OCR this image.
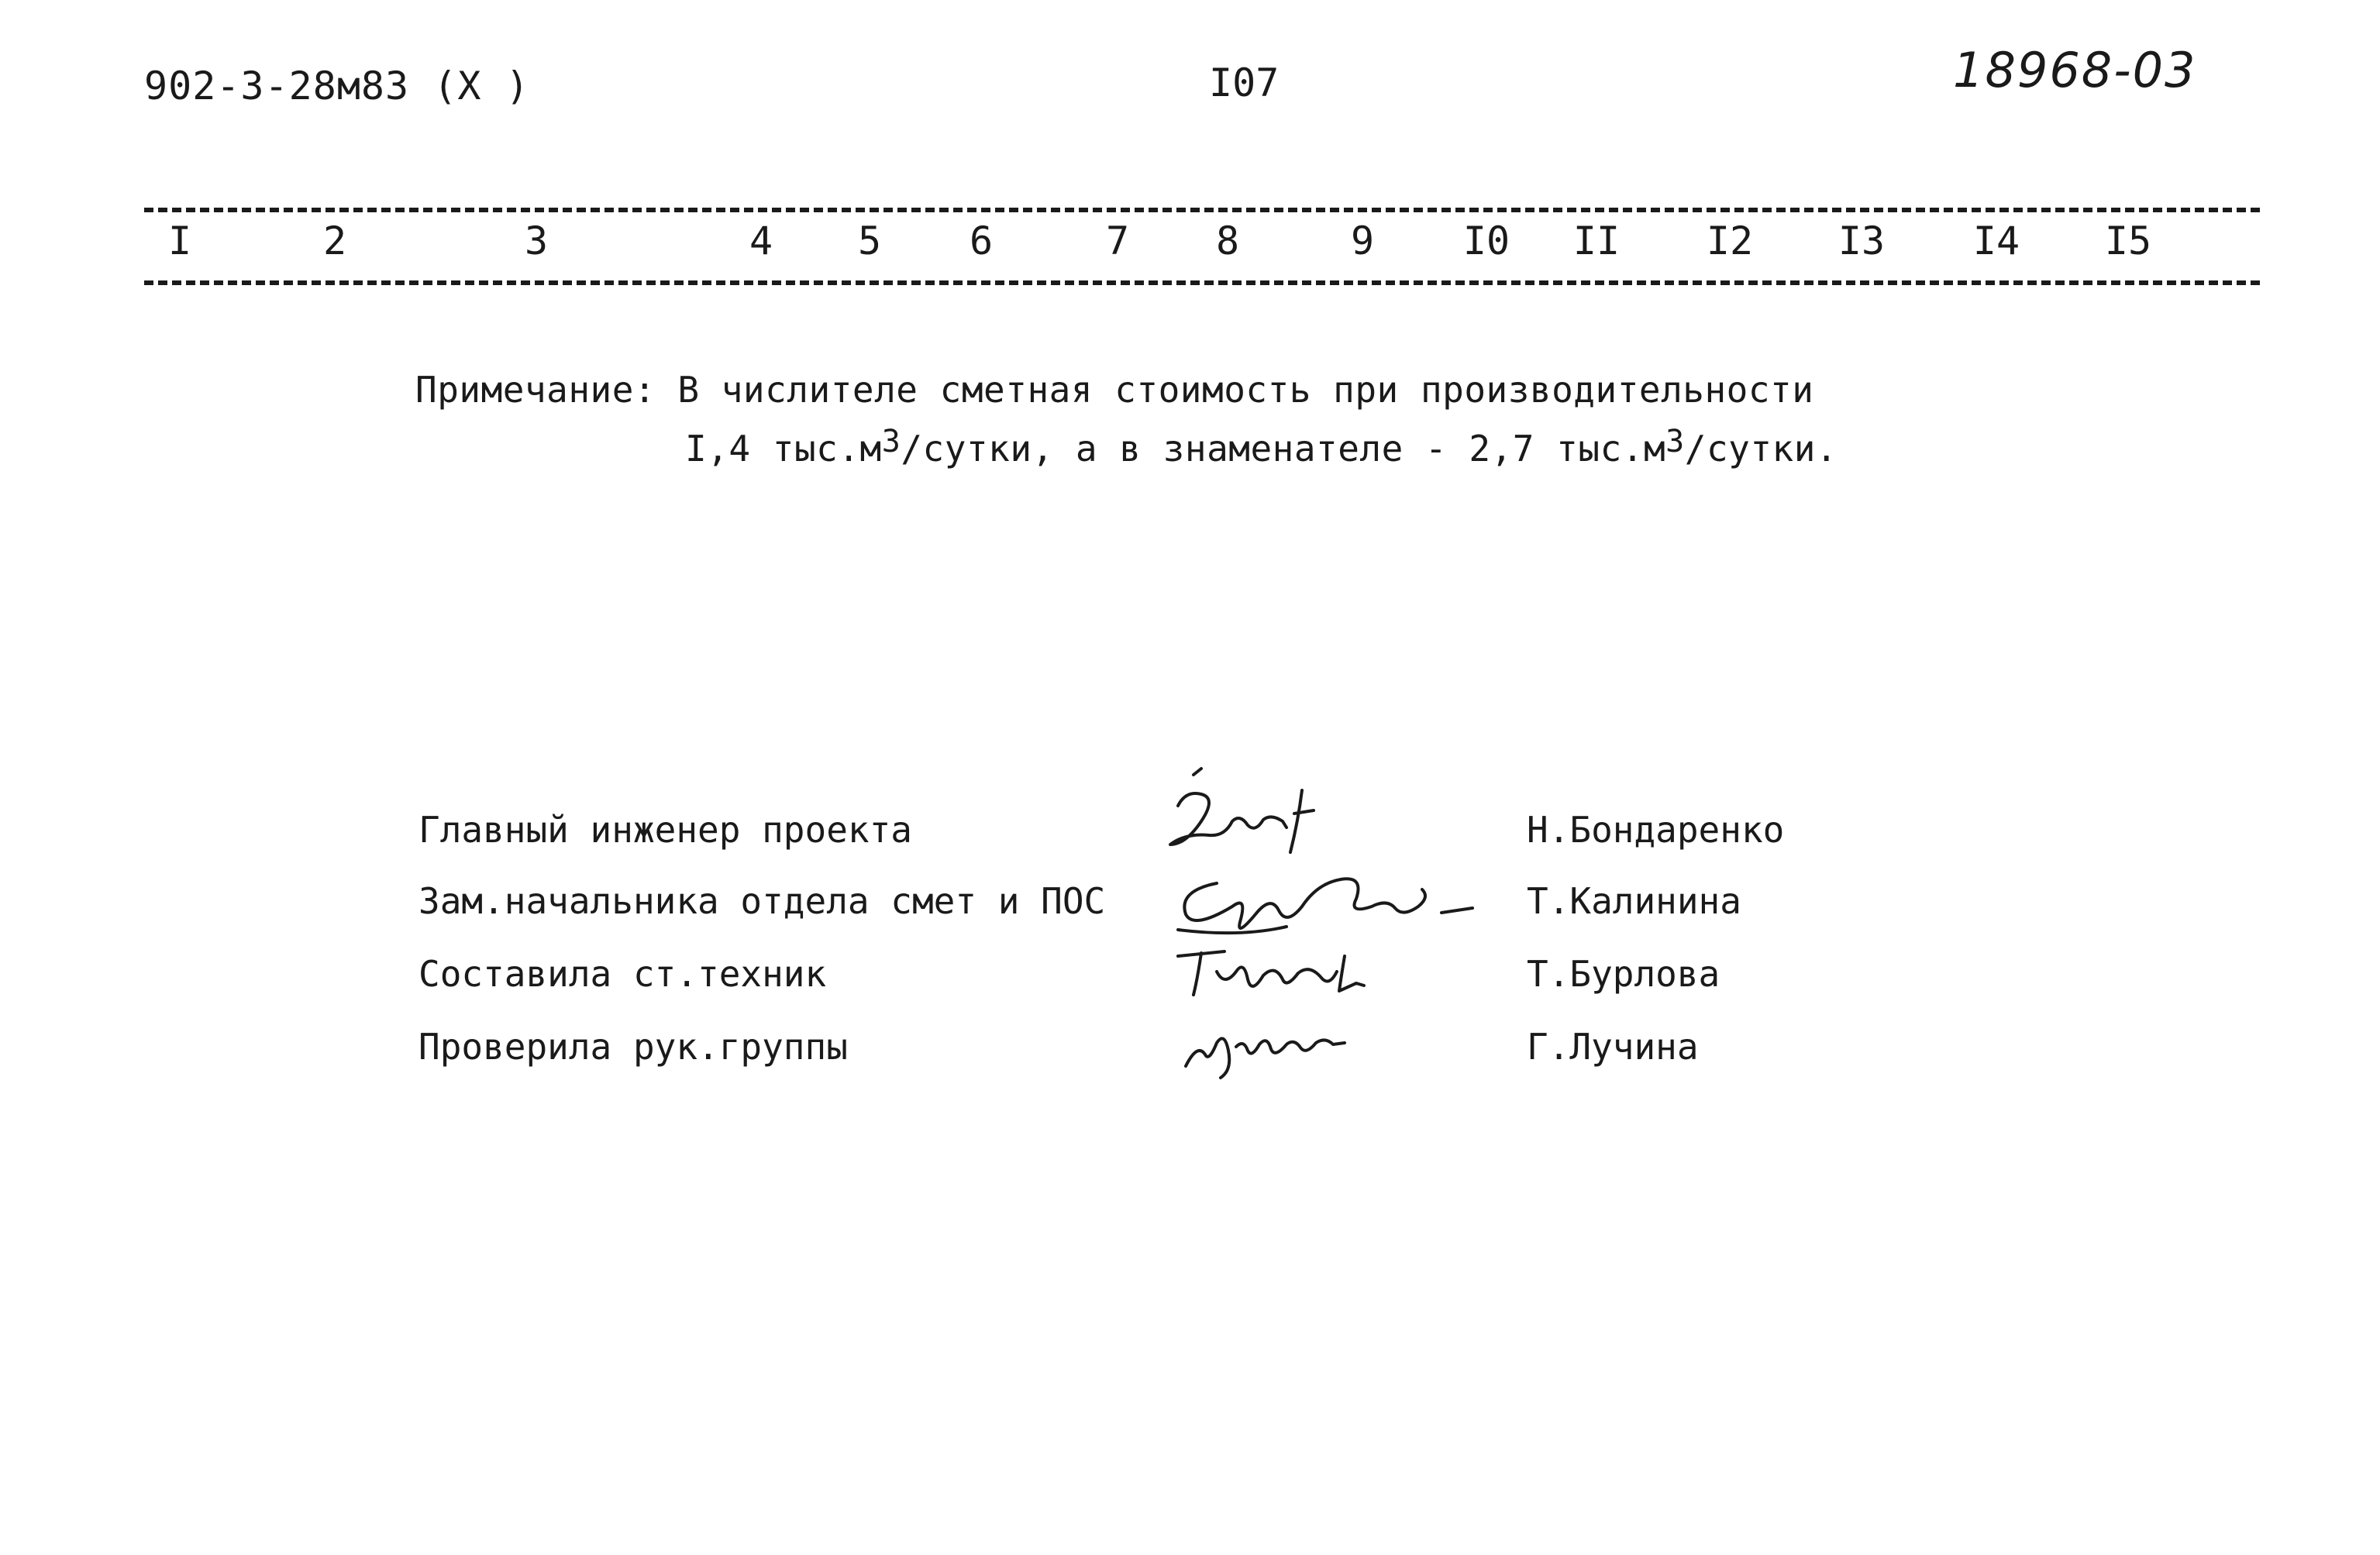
902-3-28м83 (Х )	I07	18968-03
I	2	3	4 5 6	7 8	9 I0 II I2 I3 I4 I5
Примечание: В числителе сметная стоимость при производительности
I,4 $тыс.м^3$/сутки, а в знаменателе - 2,7 $тыс.м^3$/сутки.
Главный инженер проекта	Н.Бондаренко
Зам.начальника отдела смет и ПОС	Т.Калинина
Составила ст.техник	Т.Бурлова
Проверила рук.группы	Г.Лучина
